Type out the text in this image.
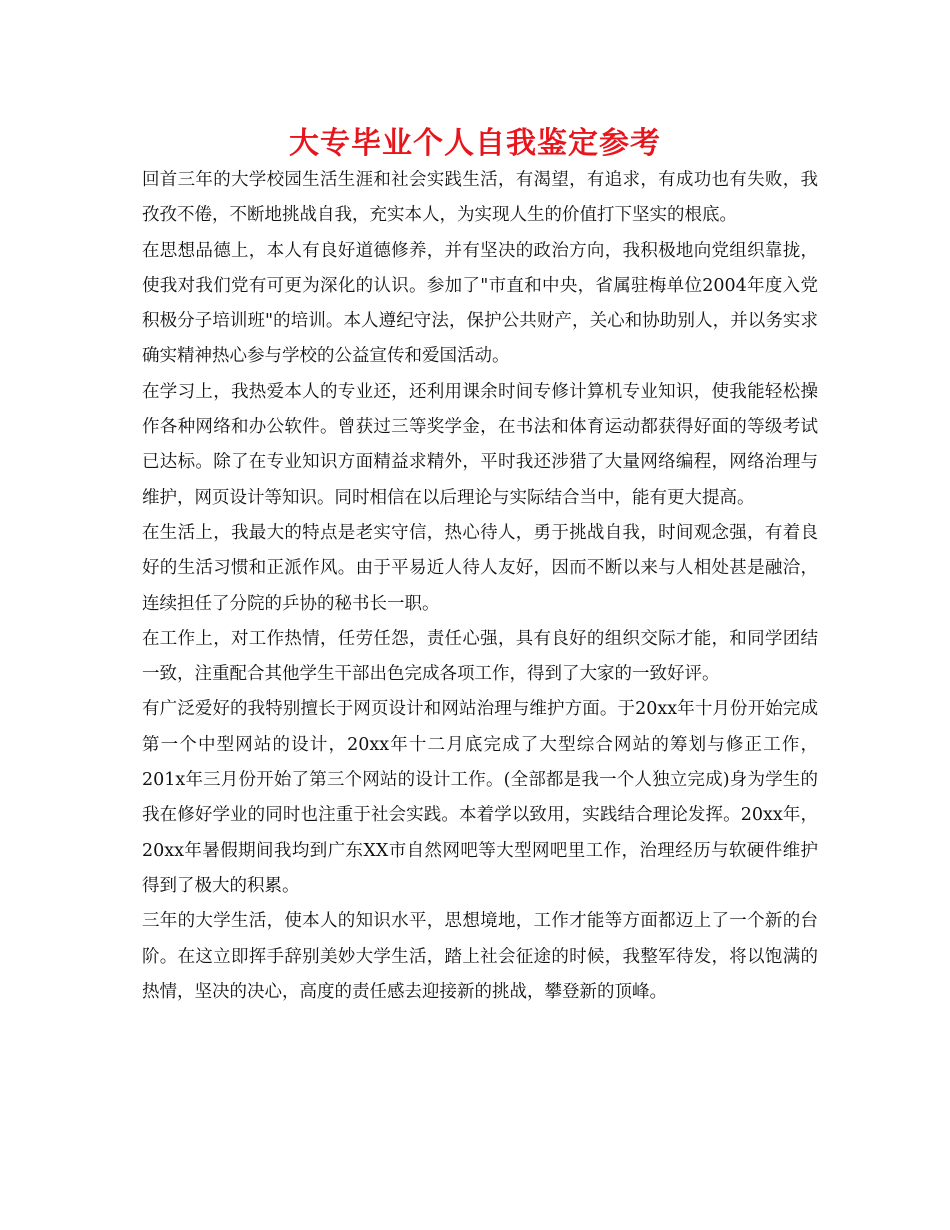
大专毕业个人自我鉴定参考

回首三年的大学校园生活生涯和社会实践生活，有渴望，有追求，有成功也有失败，我孜孜不倦，不断地挑战自我，充实本人，为实现人生的价值打下坚实的根底。

在思想品德上，本人有良好道德修养，并有坚决的政治方向，我积极地向党组织靠拢，使我对我们党有可更为深化的认识。参加了"市直和中央，省属驻梅单位2004年度入党积极分子培训班"的培训。本人遵纪守法，保护公共财产，关心和协助别人，并以务实求确实精神热心参与学校的公益宣传和爱国活动。

在学习上，我热爱本人的专业还，还利用课余时间专修计算机专业知识，使我能轻松操作各种网络和办公软件。曾获过三等奖学金，在书法和体育运动都获得好面的等级考试已达标。除了在专业知识方面精益求精外，平时我还涉猎了大量网络编程，网络治理与维护，网页设计等知识。同时相信在以后理论与实际结合当中，能有更大提高。

在生活上，我最大的特点是老实守信，热心待人，勇于挑战自我，时间观念强，有着良好的生活习惯和正派作风。由于平易近人待人友好，因而不断以来与人相处甚是融洽，连续担任了分院的乒协的秘书长一职。

在工作上，对工作热情，任劳任怨，责任心强，具有良好的组织交际才能，和同学团结一致，注重配合其他学生干部出色完成各项工作，得到了大家的一致好评。

有广泛爱好的我特别擅长于网页设计和网站治理与维护方面。于20xx年十月份开始完成第一个中型网站的设计，20xx年十二月底完成了大型综合网站的筹划与修正工作，201x年三月份开始了第三个网站的设计工作。(全部都是我一个人独立完成)身为学生的我在修好学业的同时也注重于社会实践。本着学以致用，实践结合理论发挥。20xx年，20xx年暑假期间我均到广东XX市自然网吧等大型网吧里工作，治理经历与软硬件维护得到了极大的积累。

三年的大学生活，使本人的知识水平，思想境地，工作才能等方面都迈上了一个新的台阶。在这立即挥手辞别美妙大学生活，踏上社会征途的时候，我整军待发，将以饱满的热情，坚决的决心，高度的责任感去迎接新的挑战，攀登新的顶峰。
